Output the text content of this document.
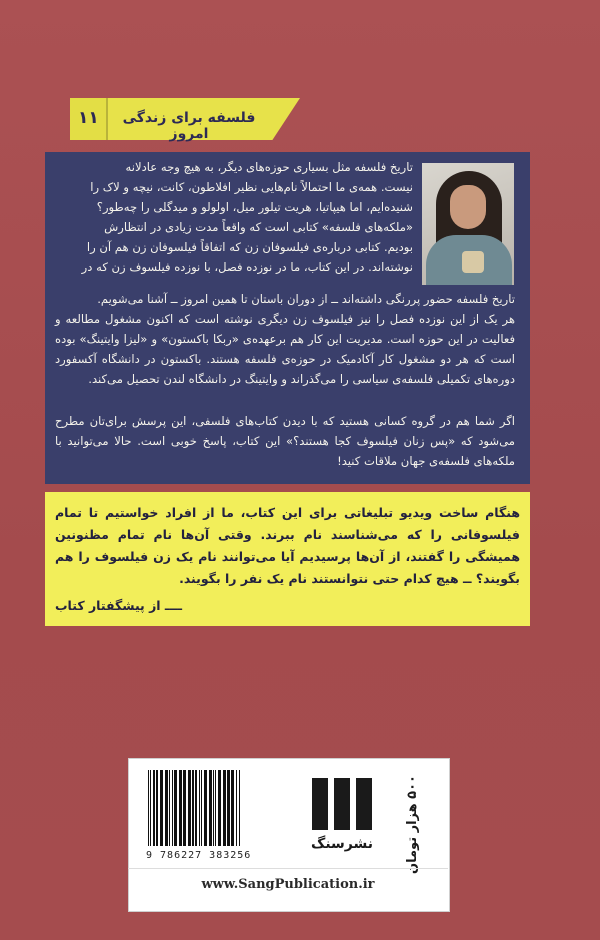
۱۱	فلسفه برای زندگی امروز
تاریخ فلسفه مثل بسیاری حوزه‌های دیگر، به هیچ وجه عادلانه
نیست. همه‌ی ما احتمالاً نام‌هایی نظیر افلاطون، کانت، نیچه و لاک را
شنیده‌ایم، اما هیپاتیا، هریت تیلور میل، اولولو و میدگلی را چه‌طور؟
«ملکه‌های فلسفه» کتابی است که واقعاً مدت زیادی در انتظارش
بودیم. کتابی درباره‌ی فیلسوفان زن که اتفاقاً فیلسوفان زن هم آن را
نوشته‌اند. در این کتاب، ما در نوزده فصل، با نوزده فیلسوف زن که در

تاریخ فلسفه حضور پررنگی داشته‌اند ــ از دوران باستان تا همین امروز ــ آشنا می‌شویم.

هر یک از این نوزده فصل را نیز فیلسوف زن دیگری نوشته است که اکنون مشغول مطالعه و فعالیت در این حوزه است. مدیریت این کار هم برعهده‌ی «ربکا باکستون» و «لیزا وایتینگ» بوده است که هر دو مشغول کار آکادمیک در حوزه‌ی فلسفه هستند. باکستون در دانشگاه آکسفورد دوره‌های تکمیلی فلسفه‌ی سیاسی را می‌گذراند و وایتینگ در دانشگاه لندن تحصیل می‌کند.

اگر شما هم در گروه کسانی هستید که با دیدن کتاب‌های فلسفی، این پرسش برای‌تان مطرح می‌شود که «پس زنان فیلسوف کجا هستند؟» این کتاب، پاسخ خوبی است. حالا می‌توانید با ملکه‌های فلسفه‌ی جهان ملاقات کنید!

هنگام ساخت ویدیو تبلیغاتی برای این کتاب، ما از افراد خواستیم تا تمام فیلسوفانی را که می‌شناسند نام ببرند. وقتی آن‌ها نام تمام مظنونین همیشگی را گفتند، از آن‌ها پرسیدیم آیا می‌توانند نام یک زن فیلسوف را هم بگویند؟ ــ هیچ کدام حتی نتوانستند نام یک نفر را بگویند.
ــــ از پیشگفتار کتاب
9 786227 383256
نشرسنگ	۵۰۰ هزار تومان
www.SangPublication.ir
